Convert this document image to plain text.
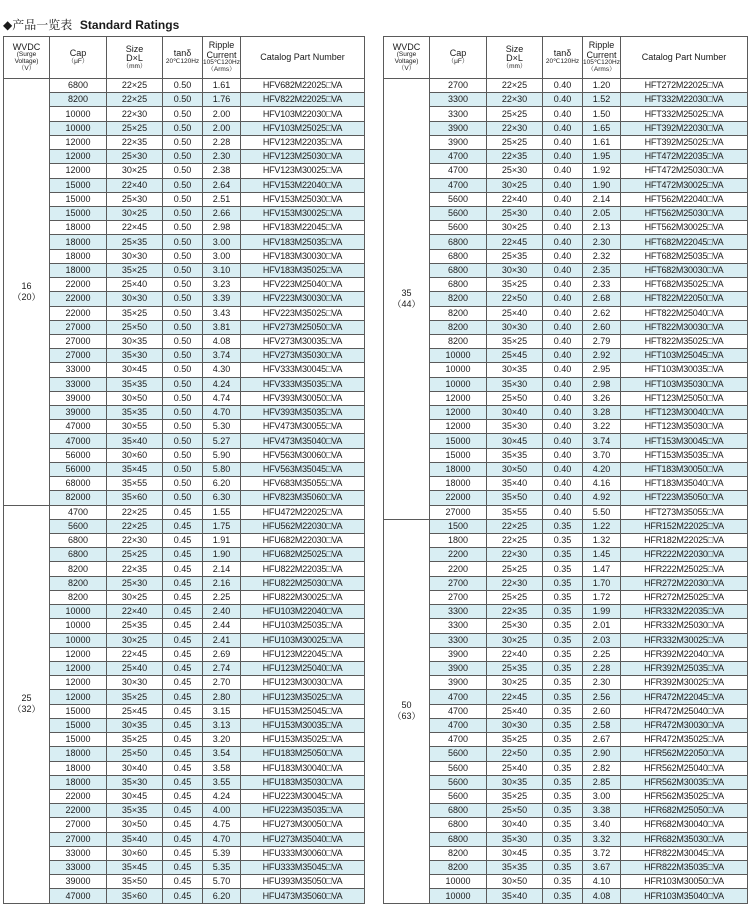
◆产品一览表 Standard Ratings
WVDC
(Surge
Voltage)
（V）	Cap
（μF）	Size
D×L
（mm）	tanδ
20℃120Hz	Ripple
Current
105℃120Hz
（Arms）	Catalog Part Number

16
（20）	6800	22×25	0.50	1.61	HFV682M22025□VA
	8200	22×25	0.50	1.76	HFV822M22025□VA
	10000	22×30	0.50	2.00	HFV103M22030□VA
	10000	25×25	0.50	2.00	HFV103M25025□VA
	12000	22×35	0.50	2.28	HFV123M22035□VA
	12000	25×30	0.50	2.30	HFV123M25030□VA
	12000	30×25	0.50	2.38	HFV123M30025□VA
	15000	22×40	0.50	2.64	HFV153M22040□VA
	15000	25×30	0.50	2.51	HFV153M25030□VA
	15000	30×25	0.50	2.66	HFV153M30025□VA
	18000	22×45	0.50	2.98	HFV183M22045□VA
	18000	25×35	0.50	3.00	HFV183M25035□VA
	18000	30×30	0.50	3.00	HFV183M30030□VA
	18000	35×25	0.50	3.10	HFV183M35025□VA
	22000	25×40	0.50	3.23	HFV223M25040□VA
	22000	30×30	0.50	3.39	HFV223M30030□VA
	22000	35×25	0.50	3.43	HFV223M35025□VA
	27000	25×50	0.50	3.81	HFV273M25050□VA
	27000	30×35	0.50	4.08	HFV273M30035□VA
	27000	35×30	0.50	3.74	HFV273M35030□VA
	33000	30×45	0.50	4.30	HFV333M30045□VA
	33000	35×35	0.50	4.24	HFV333M35035□VA
	39000	30×50	0.50	4.74	HFV393M30050□VA
	39000	35×35	0.50	4.70	HFV393M35035□VA
	47000	30×55	0.50	5.30	HFV473M30055□VA
	47000	35×40	0.50	5.27	HFV473M35040□VA
	56000	30×60	0.50	5.90	HFV563M30060□VA
	56000	35×45	0.50	5.80	HFV563M35045□VA
	68000	35×55	0.50	6.20	HFV683M35055□VA
	82000	35×60	0.50	6.30	HFV823M35060□VA

25
（32）	4700	22×25	0.45	1.55	HFU472M22025□VA
	5600	22×25	0.45	1.75	HFU562M22030□VA
	6800	22×30	0.45	1.91	HFU682M22030□VA
	6800	25×25	0.45	1.90	HFU682M25025□VA
	8200	22×35	0.45	2.14	HFU822M22035□VA
	8200	25×30	0.45	2.16	HFU822M25030□VA
	8200	30×25	0.45	2.25	HFU822M30025□VA
	10000	22×40	0.45	2.40	HFU103M22040□VA
	10000	25×35	0.45	2.44	HFU103M25035□VA
	10000	30×25	0.45	2.41	HFU103M30025□VA
	12000	22×45	0.45	2.69	HFU123M22045□VA
	12000	25×40	0.45	2.74	HFU123M25040□VA
	12000	30×30	0.45	2.70	HFU123M30030□VA
	12000	35×25	0.45	2.80	HFU123M35025□VA
	15000	25×45	0.45	3.15	HFU153M25045□VA
	15000	30×35	0.45	3.13	HFU153M30035□VA
	15000	35×25	0.45	3.20	HFU153M35025□VA
	18000	25×50	0.45	3.54	HFU183M25050□VA
	18000	30×40	0.45	3.58	HFU183M30040□VA
	18000	35×30	0.45	3.55	HFU183M35030□VA
	22000	30×45	0.45	4.24	HFU223M30045□VA
	22000	35×35	0.45	4.00	HFU223M35035□VA
	27000	30×50	0.45	4.75	HFU273M30050□VA
	27000	35×40	0.45	4.70	HFU273M35040□VA
	33000	30×60	0.45	5.39	HFU333M30060□VA
	33000	35×45	0.45	5.35	HFU333M35045□VA
	39000	35×50	0.45	5.70	HFU393M35050□VA
	47000	35×60	0.45	6.20	HFU473M35060□VA
WVDC
(Surge
Voltage)
（V）	Cap
（μF）	Size
D×L
（mm）	tanδ
20℃120Hz	Ripple
Current
105℃120Hz
（Arms）	Catalog Part Number

35
（44）	2700	22×25	0.40	1.20	HFT272M22025□VA
	3300	22×30	0.40	1.52	HFT332M22030□VA
	3300	25×25	0.40	1.50	HFT332M25025□VA
	3900	22×30	0.40	1.65	HFT392M22030□VA
	3900	25×25	0.40	1.61	HFT392M25025□VA
	4700	22×35	0.40	1.95	HFT472M22035□VA
	4700	25×30	0.40	1.92	HFT472M25030□VA
	4700	30×25	0.40	1.90	HFT472M30025□VA
	5600	22×40	0.40	2.14	HFT562M22040□VA
	5600	25×30	0.40	2.05	HFT562M25030□VA
	5600	30×25	0.40	2.13	HFT562M30025□VA
	6800	22×45	0.40	2.30	HFT682M22045□VA
	6800	25×35	0.40	2.32	HFT682M25035□VA
	6800	30×30	0.40	2.35	HFT682M30030□VA
	6800	35×25	0.40	2.33	HFT682M35025□VA
	8200	22×50	0.40	2.68	HFT822M22050□VA
	8200	25×40	0.40	2.62	HFT822M25040□VA
	8200	30×30	0.40	2.60	HFT822M30030□VA
	8200	35×25	0.40	2.79	HFT822M35025□VA
	10000	25×45	0.40	2.92	HFT103M25045□VA
	10000	30×35	0.40	2.95	HFT103M30035□VA
	10000	35×30	0.40	2.98	HFT103M35030□VA
	12000	25×50	0.40	3.26	HFT123M25050□VA
	12000	30×40	0.40	3.28	HFT123M30040□VA
	12000	35×30	0.40	3.22	HFT123M35030□VA
	15000	30×45	0.40	3.74	HFT153M30045□VA
	15000	35×35	0.40	3.70	HFT153M35035□VA
	18000	30×50	0.40	4.20	HFT183M30050□VA
	18000	35×40	0.40	4.16	HFT183M35040□VA
	22000	35×50	0.40	4.92	HFT223M35050□VA
	27000	35×55	0.40	5.50	HFT273M35055□VA

50
（63）	1500	22×25	0.35	1.22	HFR152M22025□VA
	1800	22×25	0.35	1.32	HFR182M22025□VA
	2200	22×30	0.35	1.45	HFR222M22030□VA
	2200	25×25	0.35	1.47	HFR222M25025□VA
	2700	22×30	0.35	1.70	HFR272M22030□VA
	2700	25×25	0.35	1.72	HFR272M25025□VA
	3300	22×35	0.35	1.99	HFR332M22035□VA
	3300	25×30	0.35	2.01	HFR332M25030□VA
	3300	30×25	0.35	2.03	HFR332M30025□VA
	3900	22×40	0.35	2.25	HFR392M22040□VA
	3900	25×35	0.35	2.28	HFR392M25035□VA
	3900	30×25	0.35	2.30	HFR392M30025□VA
	4700	22×45	0.35	2.56	HFR472M22045□VA
	4700	25×40	0.35	2.60	HFR472M25040□VA
	4700	30×30	0.35	2.58	HFR472M30030□VA
	4700	35×25	0.35	2.67	HFR472M35025□VA
	5600	22×50	0.35	2.90	HFR562M22050□VA
	5600	25×40	0.35	2.82	HFR562M25040□VA
	5600	30×35	0.35	2.85	HFR562M30035□VA
	5600	35×25	0.35	3.00	HFR562M35025□VA
	6800	25×50	0.35	3.38	HFR682M25050□VA
	6800	30×40	0.35	3.40	HFR682M30040□VA
	6800	35×30	0.35	3.32	HFR682M35030□VA
	8200	30×45	0.35	3.72	HFR822M30045□VA
	8200	35×35	0.35	3.67	HFR822M35035□VA
	10000	30×50	0.35	4.10	HFR103M30050□VA
	10000	35×40	0.35	4.08	HFR103M35040□VA
